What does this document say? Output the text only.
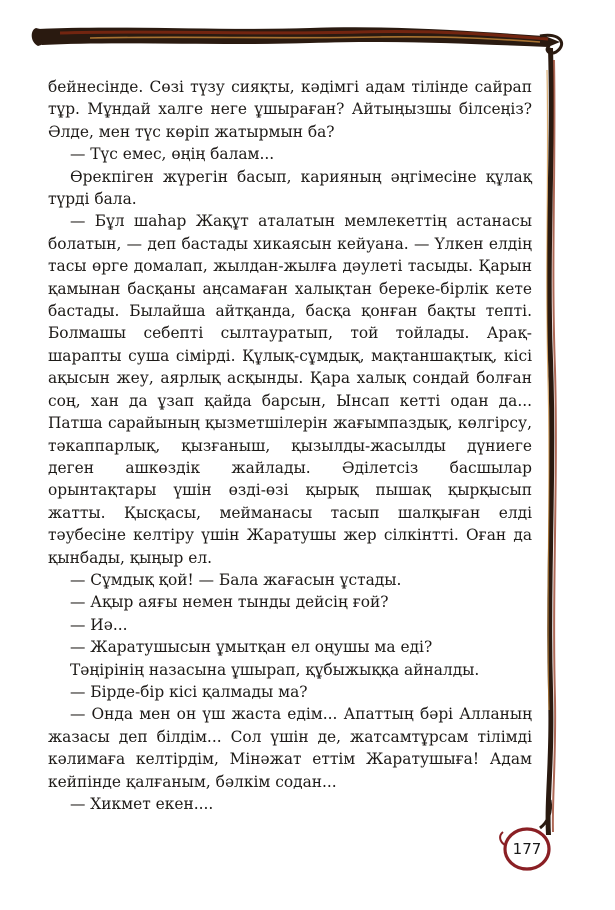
бейнесінде. Сөзі түзу сияқты, кәдімгі адам тілінде сайрап тұр. Мұндай халге неге ұшыраған? Айтыңызшы білсеңіз? Әлде, мен түс көріп жатырмын ба?

— Түс емес, өңің балам...

Өрекпіген жүрегін басып, карияның әңгімесіне құлақ түрді бала.

— Бұл шаһар Жақұт аталатын мемлекеттің астанасы болатын, — деп бастады хикаясын кейуана. — Үлкен елдің тасы өрге домалап, жылдан-жылға дәулеті тасыды. Қарын қамынан басқаны аңсамаған халықтан береке-бірлік кете бастады. Былайша айтқанда, басқа қонған бақты тепті. Болмашы себепті сылтауратып, той тойлады. Арақ-шарапты суша сімірді. Құлық-сұмдық, мақтаншақтық, кісі ақысын жеу, аярлық асқынды. Қара халық сондай болған соң, хан да ұзап қайда барсын, Ынсап кетті одан да... Патша сарайының қызметшілерін жағымпаздық, көлгірсу, тәкаппарлық, қызғаныш, қызылды-жасылды дүниеге деген ашкөздік жайлады. Әділетсіз басшылар орынтақтары үшін өзді-өзі қырық пышақ қырқысып жатты. Қысқасы, мейманасы тасып шалқыған елді тәубесіне келтіру үшін Жаратушы жер сілкінтті. Оған да қынбады, қыңыр ел.

— Сұмдық қой! — Бала жағасын ұстады.

— Ақыр аяғы немен тынды дейсің ғой?

— Иә...

— Жаратушысын ұмытқан ел оңушы ма еді?

Тәңірінің назасына ұшырап, құбыжыққа айналды.

— Бірде-бір кісі қалмады ма?

— Онда мен он үш жаста едім... Апаттың бәрі Алланың жазасы деп білдім... Сол үшін де, жатсамтұрсам тілімді кәлимаға келтірдім, Мінәжат еттім Жаратушыға! Адам кейпінде қалғаным, бәлкім содан...

— Хикмет екен....

177
